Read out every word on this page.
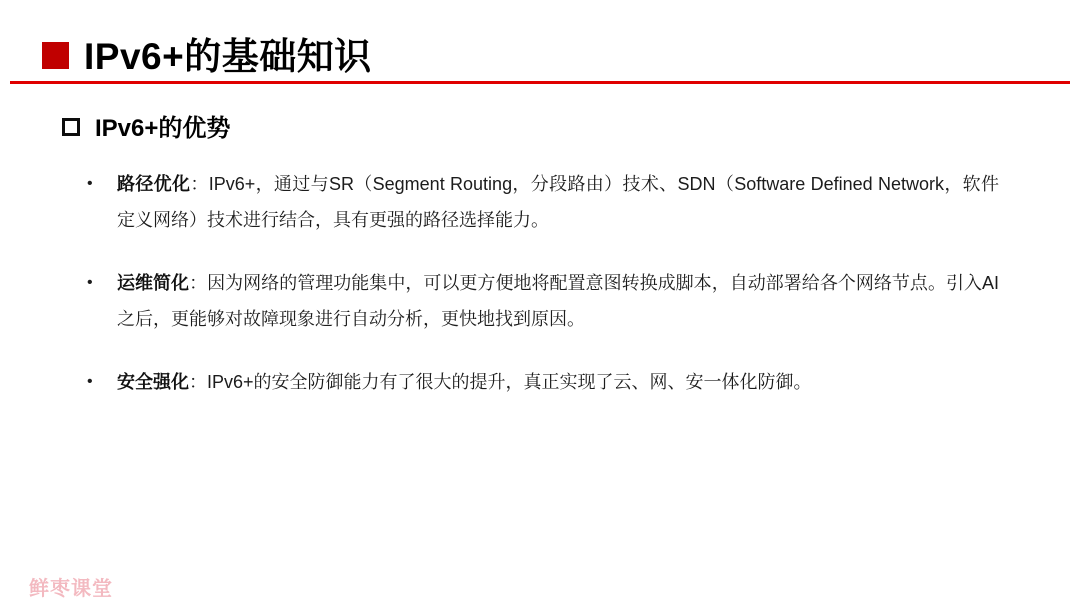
IPv6+的基础知识
IPv6+的优势
• 路径优化：IPv6+，通过与SR（Segment Routing，分段路由）技术、SDN（Software Defined Network，软件定义网络）技术进行结合，具有更强的路径选择能力。
• 运维简化：因为网络的管理功能集中，可以更方便地将配置意图转换成脚本，自动部署给各个网络节点。引入AI之后，更能够对故障现象进行自动分析，更快地找到原因。
• 安全强化：IPv6+的安全防御能力有了很大的提升，真正实现了云、网、安一体化防御。
鲜枣课堂
